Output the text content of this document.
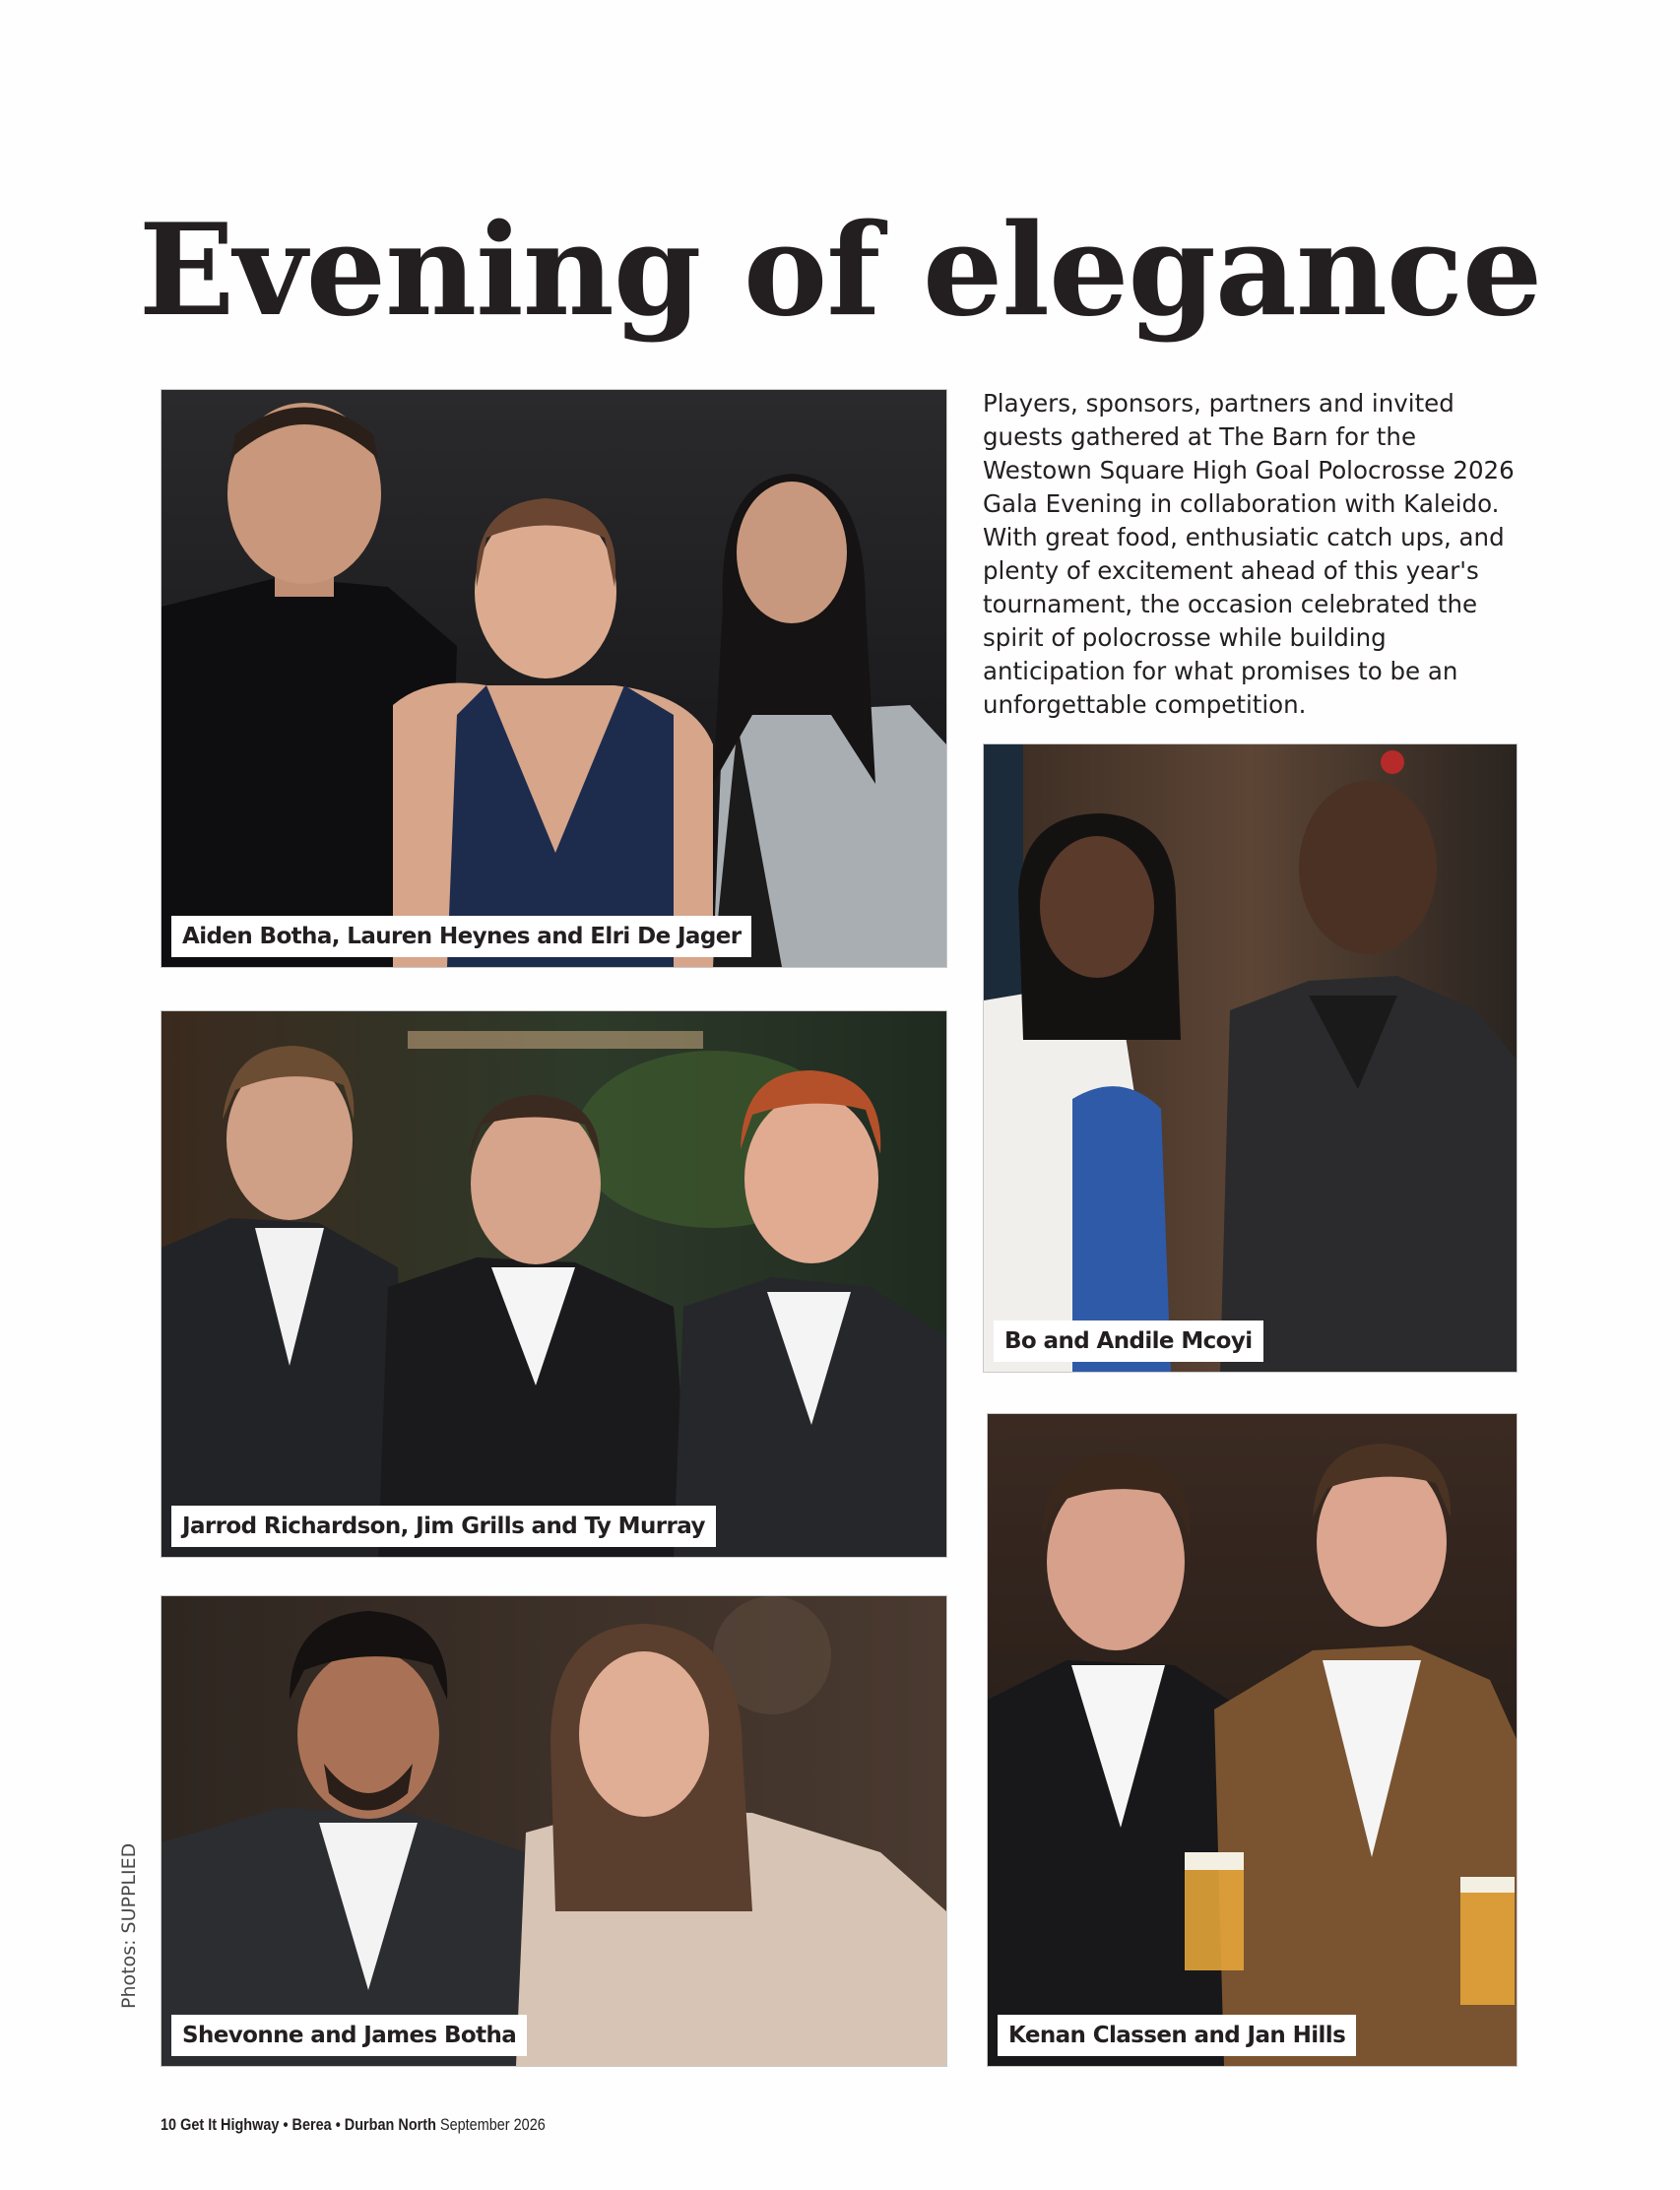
Evening of elegance

Players, sponsors, partners and invited guests gathered at The Barn for the Westown Square High Goal Polocrosse 2026 Gala Evening in collaboration with Kaleido. With great food, enthusiatic catch ups, and plenty of excitement ahead of this year's tournament, the occasion celebrated the spirit of polocrosse while building anticipation for what promises to be an unforgettable competition.

Aiden Botha, Lauren Heynes and Elri De Jager
Bo and Andile Mcoyi
Jarrod Richardson, Jim Grills and Ty Murray
Kenan Classen and Jan Hills
Shevonne and James Botha
Photos: SUPPLIED
10 Get It Highway • Berea • Durban North September 2026
